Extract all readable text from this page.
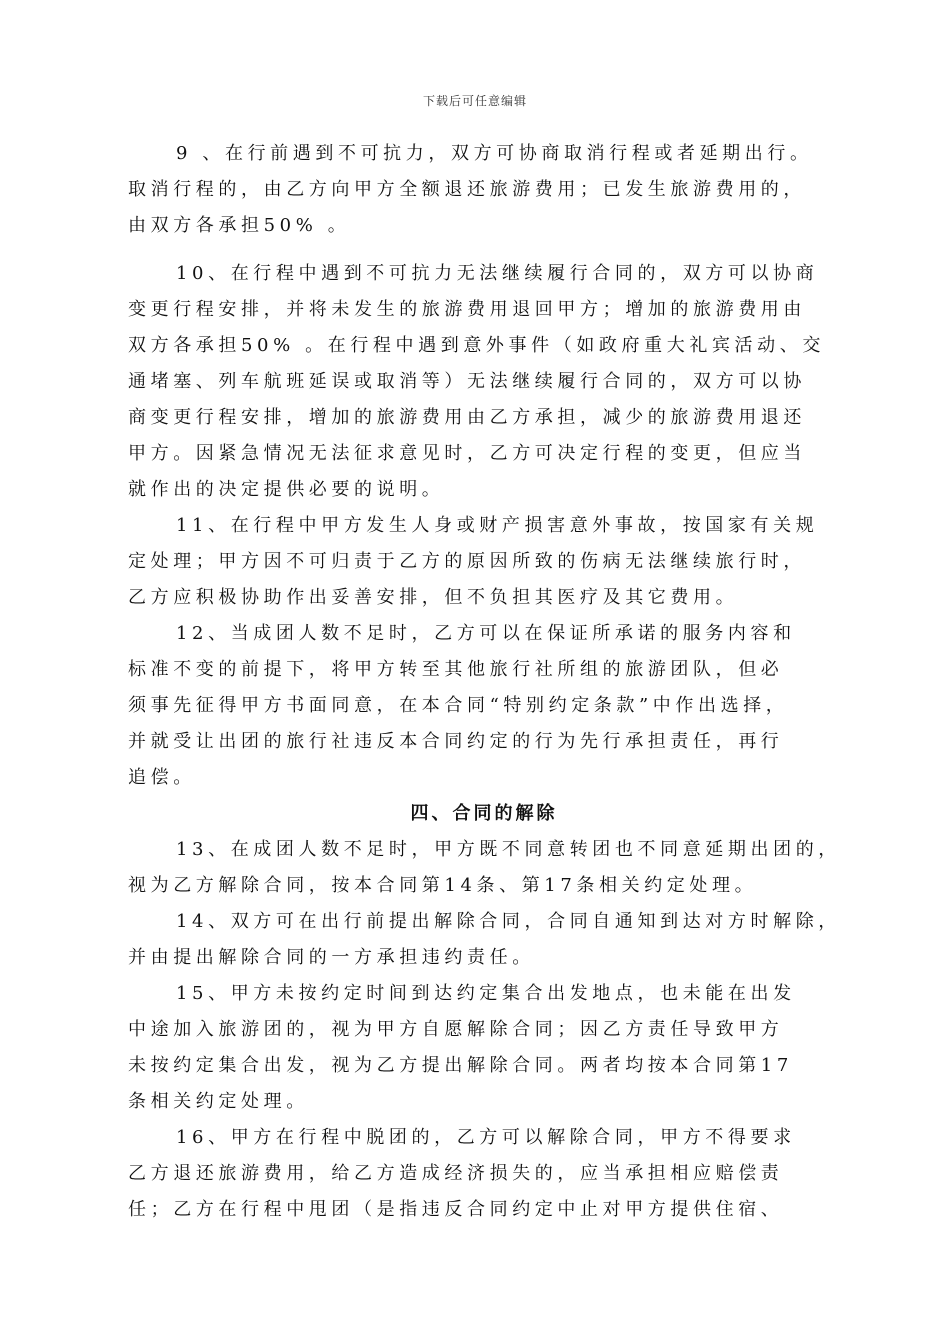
下载后可任意编辑

9 、在行前遇到不可抗力，双方可协商取消行程或者延期出行。
取消行程的，由乙方向甲方全额退还旅游费用；已发生旅游费用的，
由双方各承担50% 。

10、在行程中遇到不可抗力无法继续履行合同的，双方可以协商
变更行程安排，并将未发生的旅游费用退回甲方；增加的旅游费用由
双方各承担50% 。在行程中遇到意外事件（如政府重大礼宾活动、交
通堵塞、列车航班延误或取消等）无法继续履行合同的，双方可以协
商变更行程安排，增加的旅游费用由乙方承担，减少的旅游费用退还
甲方。因紧急情况无法征求意见时，乙方可决定行程的变更，但应当
就作出的决定提供必要的说明。

11、在行程中甲方发生人身或财产损害意外事故，按国家有关规
定处理；甲方因不可归责于乙方的原因所致的伤病无法继续旅行时，
乙方应积极协助作出妥善安排，但不负担其医疗及其它费用。

12、当成团人数不足时，乙方可以在保证所承诺的服务内容和
标准不变的前提下，将甲方转至其他旅行社所组的旅游团队，但必
须事先征得甲方书面同意，在本合同“特别约定条款”中作出选择，
并就受让出团的旅行社违反本合同约定的行为先行承担责任，再行
追偿。

四、合同的解除

13、在成团人数不足时，甲方既不同意转团也不同意延期出团的，
视为乙方解除合同，按本合同第14条、第17条相关约定处理。

14、双方可在出行前提出解除合同，合同自通知到达对方时解除，
并由提出解除合同的一方承担违约责任。

15、甲方未按约定时间到达约定集合出发地点，也未能在出发
中途加入旅游团的，视为甲方自愿解除合同；因乙方责任导致甲方
未按约定集合出发，视为乙方提出解除合同。两者均按本合同第17
条相关约定处理。

16、甲方在行程中脱团的，乙方可以解除合同，甲方不得要求
乙方退还旅游费用，给乙方造成经济损失的，应当承担相应赔偿责
任；乙方在行程中甩团（是指违反合同约定中止对甲方提供住宿、
